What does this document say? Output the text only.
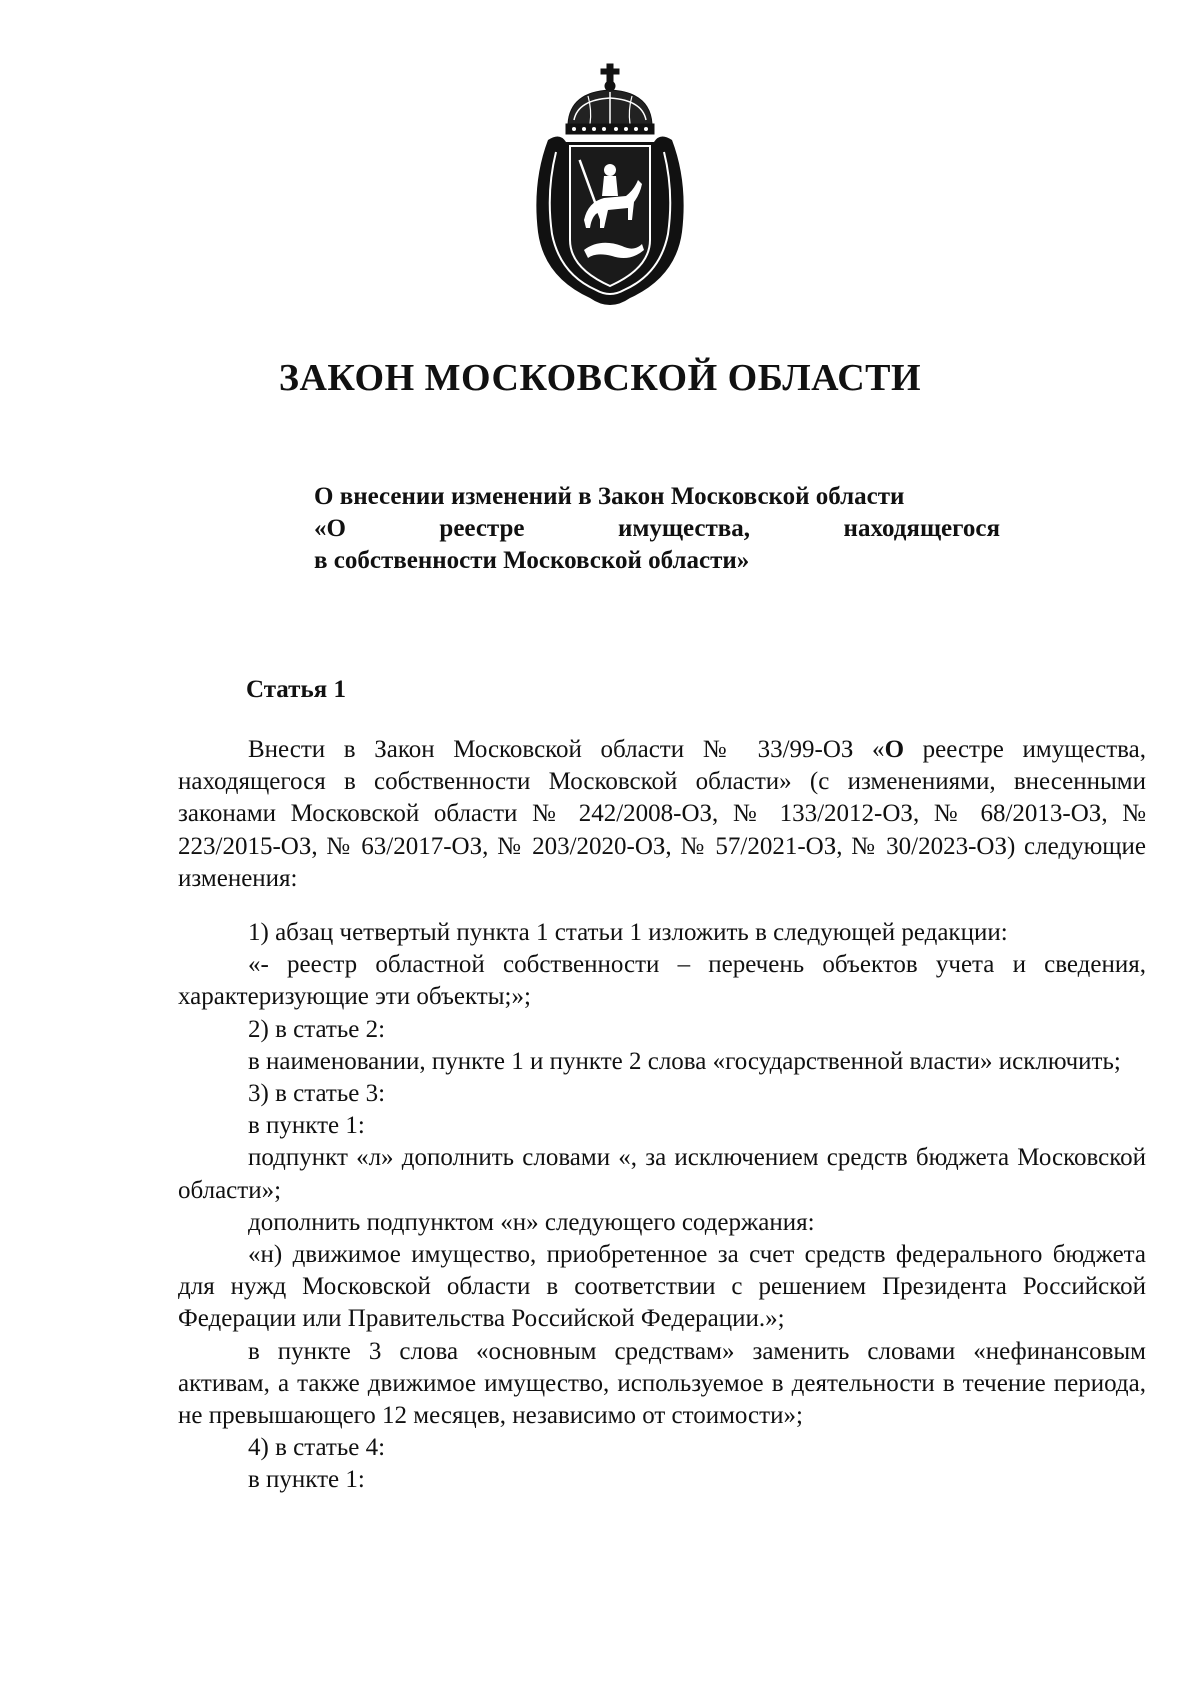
ЗАКОН МОСКОВСКОЙ ОБЛАСТИ
О внесении изменений в Закон Московской области
«О реестре имущества, находящегося
в собственности Московской области»
Статья 1

Внести в Закон Московской области № 33/99-ОЗ «О реестре имущества, находящегося в собственности Московской области» (с изменениями, внесенными законами Московской области № 242/2008-ОЗ, № 133/2012-ОЗ, № 68/2013-ОЗ, № 223/2015-ОЗ, № 63/2017-ОЗ, № 203/2020-ОЗ, № 57/2021-ОЗ, № 30/2023-ОЗ) следующие изменения:

1) абзац четвертый пункта 1 статьи 1 изложить в следующей редакции:

«- реестр областной собственности – перечень объектов учета и сведения, характеризующие эти объекты;»;

2) в статье 2:

в наименовании, пункте 1 и пункте 2 слова «государственной власти» исключить;

3) в статье 3:

в пункте 1:

подпункт «л» дополнить словами «, за исключением средств бюджета Московской области»;

дополнить подпунктом «н» следующего содержания:

«н) движимое имущество, приобретенное за счет средств федерального бюджета для нужд Московской области в соответствии с решением Президента Российской Федерации или Правительства Российской Федерации.»;

в пункте 3 слова «основным средствам» заменить словами «нефинансовым активам, а также движимое имущество, используемое в деятельности в течение периода, не превышающего 12 месяцев, независимо от стоимости»;

4) в статье 4:

в пункте 1:
